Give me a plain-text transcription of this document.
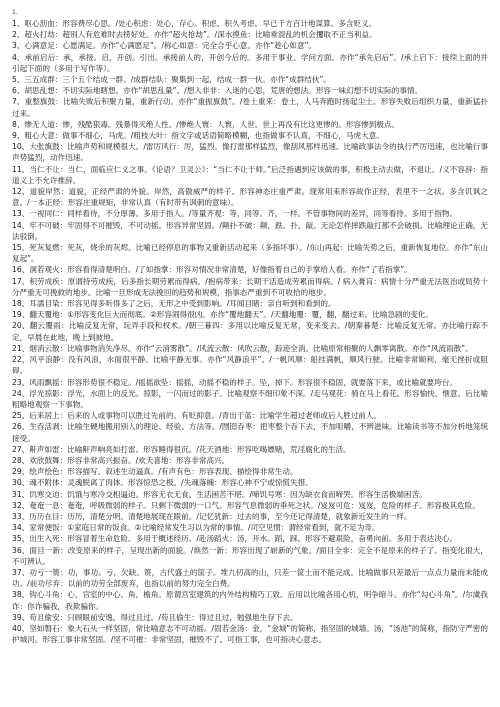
1.
1、呕心沥血：形容费尽心思。/处心积虑：处心，存心。积虑，积久考虑。早已千方百计地谋算。多含贬义。
2、超火打劫：超别人有危难时去捞好处。亦作“超火抢劫”。/深水摸鱼：比喻乘混乱的机会攫取不正当利益。
3、心满意足：心愿满足。亦作“心满愿足”。/称心如意：完全合乎心意。亦作“趁心如意”。
4、承前启后：承，承接。启，开创。引出。承接前人的，开创今后的。多用于事业、学问方面。亦作“承先启后”。/承上启下：接续上面的并引起下面的（多用于写作等）。
5、三五成群：三个五个结成一群。/成群结队：聚集到一起，结成一群一伙。亦作“成群结伙”。
6、胡思乱想：不切实际地瞎想。亦作“胡思乱量”。/想入非非：入迷的心思，荒唐的想法。形容一味幻想不切实际的事情。
7、重整旗鼓：比喻失败后积聚力量，重新行动。亦作“重振旗鼓”。/卷土重来：卷土，人马奔跑时扬起尘土。形容失败后组织力量，重新猛扑过来。
8、惨无人道：惨，残酷狠毒。残暴得灭绝人性。/惨绝人寰：人寰，人世。世上再没有比这更惨的。形容惨到极点。
9、粗心大意：做事不细心，马虎。/粗枝大叶：指文字或话语简略模糊，也指做事不认真，不细心，马虎大意。
10、大张旗鼓：比喻声势和规模很大。/雷厉风行：厉，猛烈。像打雷那样猛烈，像刮风那样迅速。比喻政事法令的执行严厉迅速，也比喻行事声势猛烈，动作迅速。
11、当仁不让：当仁，面临应仁义之事。《论语？卫灵公》：“当仁不让于师。”后泛指遇到应该做的事，积极主动去做，不退让。/义不容辞：指道义上不允许推辞。
12、道貌岸然：道貌，正经严肃的外貌。岸然，高傲威严的样子。形容神态庄重严肃。现常用来形容故作正经，表里不一之状。多含讥讽之意。/一本正经：形容庄重规矩，非常认真（有时带有讽刺的意味）。
13、一视同仁：同样看待，不分厚薄。多用于指人。/等量齐观：等，同等。齐，一样。不管事物间的差异，同等看待。多用于指物。
14、牢不可破：牢固得不可摧毁，不可动摇。形容异常坚固。/颠扑不破：颠，跌。扑，敲。无论怎样摔跌敲打都不会破损。比喻理论正确，无法驳倒。
15、死灰复燃：死灰，烧余的灰烬。比喻已经停息的事物又重新活动起来（多指坏事）。/东山再起：比喻失势之后，重新恢复地位。亦作“东山复起”。
16、洞若观火：形容看得清楚明白。/了如指掌：形容对情况非常清楚，好像指着自己的手掌给人看。亦作“了若指掌”。
17、积劳成疾：原谓持劳成疾，后多指长期劳累而得病。/抱病带来：长期干活造成劳累而得病。/ 病入膏肓：病情十分严重无法医治或局势十分严重无可挽救的地步。比喻一旦形成无法挽回的趋势和规模，指事态严重到不可收拾的地步。
18、耳濡目染：形容见得多听得多了之后，无形之中受到影响。/耳闻目睹：亲自听到和看到的。
19、翻天覆地：①形容变化巨大而彻底。②形容闹得很凶。亦作“覆地翻天”。/天翻地覆：覆，翻，翻过来。比喻急剧的变化。
20、翻云覆雨：比喻反复无常，玩弄手段和权术。/朝三暮四：多用以比喻反复无常，变来变去。/朝秦暮楚：比喻反复无常。亦比喻行踪不定，早晨在此地，晚上到彼地。
21、烟消云散：比喻事物消失净尽。亦作“云消雾散”。/风流云散：风吹云散，踪迹全消。比喻原常相聚的人飘零离散。亦作“风流雨散”。
22、风平浪静：没有风浪，水面很平静。比喻平静无事。亦作“风静浪平”。/一帆风顺：船挂满帆，顺风行驶。比喻非常顺利，毫无挫折或阻碍。
23、风雨飘摇：形容形势很不稳定。/摇摇欲坠：摇摇，动摇不稳的样子。坠，掉下。形容很不稳固，就要落下来，或比喻就要垮台。
24、浮光掠影：浮光，水面上的反光。掠影，一闪而过的影子。比喻观察不细印象不深。/走马观花：骑在马上看花。形容愉快、惬意。后比喻粗略地观察一下事物。
25、后来居上：后来的人或事物可以胜过先前的。有贬抑意。/青出于蓝：比喻学生超过老师或后人胜过前人。
26、生吞活剥：比喻生硬地搬用别人的理论、经验、方法等。/囫囵吞枣：把枣整个吞下去，不加咀嚼，不辨滋味。比喻读书等不加分析地笼统接受。
27、鼾声如雷：比喻鼾声响亮如打雷。形容睡得很沉。/花天酒地：形容吃喝嫖赌，荒淫腐化的生活。
28、欢欣鼓舞：形容非常高兴振奋。/欢天喜地：形容非常高兴。
29、绘声绘色：形容描写、叙述生动逼真。/有声有色：形容表现、描绘得非常生动。
30、魂不附体：灵魂脱离了肉体。形容惊恐之极。/失魂落魄：形容心神不宁或惊慌失措。
31、饥寒交迫：饥饿与寒冷交相逼迫。形容无衣无食，生活困苦不堪。/啼饥号寒：因为缺衣食而啼哭。形容生活极端困苦。
32、奄奄一息：奄奄，呼吸微弱的样子。只剩下微弱的一口气。形容气息微弱的垂死之状。/岌岌可危：岌岌，危险的样子。形容极其危险。
33、历历在目：历历，清楚分明。清楚地展现在眼前。/记忆犹新：过去的事，至今还记得清楚，就象新近发生的一样。
34、家常便饭：①家庭日常的饭食。②比喻经常发生习以为常的事情。/司空见惯：谓经常看到，就不足为奇。
35、出生入死：形容冒着生命危险。多用于概述经历。/赴汤蹈火：汤，开水。蹈，踩。形容不避艰险，奋勇向前。多用于表达决心。
36、面目一新：改变原来的样子，呈现出新的面貌。/焕然一新：形容出现了崭新的气象。/面目全非：完全不是原来的样子了。指变化很大，不可辨认。
37、功亏一篑：功，事功。亏，欠缺。篑，古代盛土的筐子。堆九仞高的山，只差一筐土而不能完成。比喻做事只差最后一点点力量而未能成功。/前功尽弃：以前的功劳全部废弃，也指以前的努力完全白费。
38、钩心斗角：心，宫室的中心。角，檐角。原谓宫室建筑的内外结构精巧工致。后用以比喻各用心机，明争暗斗。亦作“勾心斗角”。/尔虞我诈：你诈骗我，我欺骗你。
39、苟且偷安：只顾眼前安逸，得过且过。/苟且偷生：得过且过，勉强地生存下去。
40、坚如磐石：象大石头一样坚固，常比喻意志不可动摇。/固若金汤：金，“金城”的简称，指坚固的城墙。汤，“汤池”的简称，指防守严密的护城河。形容工事非常坚固。/坚不可摧：非常坚固，摧毁不了。可指工事，也可指决心意志。
